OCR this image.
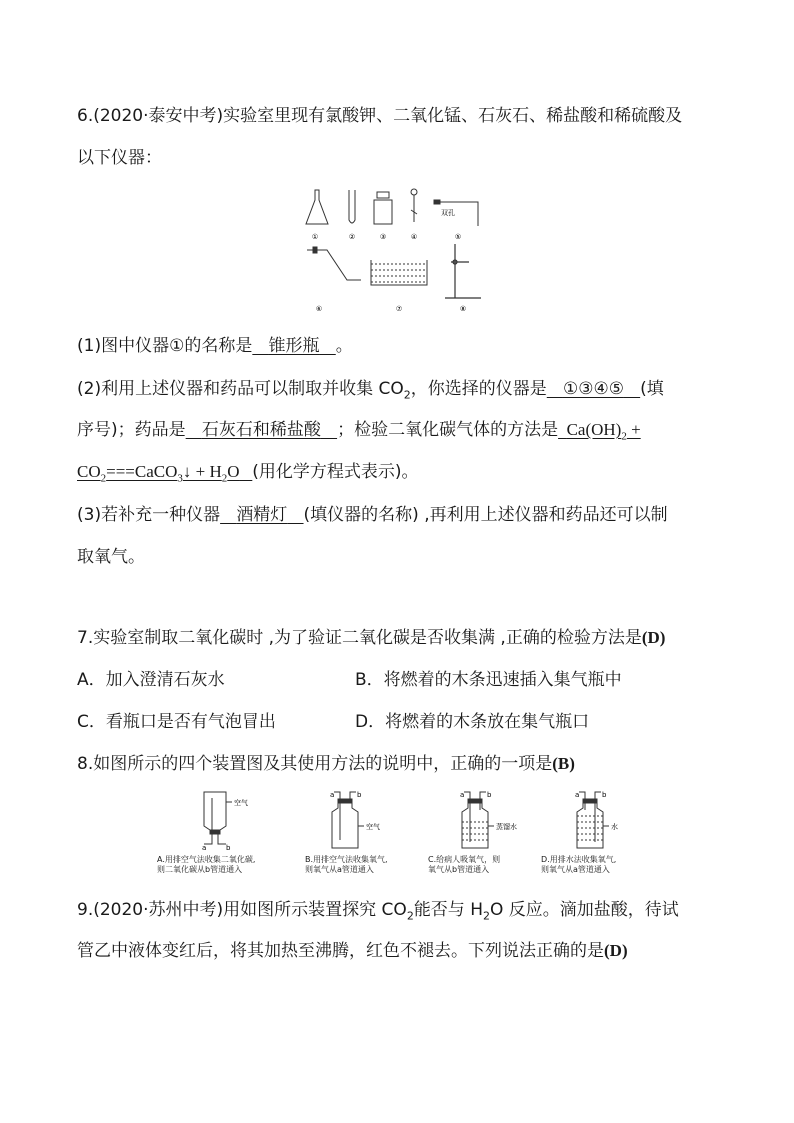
6.(2020·泰安中考)实验室里现有氯酸钾、二氧化锰、石灰石、稀盐酸和稀硫酸及
以下仪器：
①	②	③	④
双孔
⑤
⑥	⑦	⑧
(1)图中仪器①的名称是 锥形瓶 。
(2)利用上述仪器和药品可以制取并收集 $CO_2$，你选择的仪器是 ①③④⑤ (填
序号)；药品是 石灰石和稀盐酸 ；检验二氧化碳气体的方法是 $Ca(OH)_2$ +
$CO_2===CaCO_3↓ + H_2O$ (用化学方程式表示)。
(3)若补充一种仪器 酒精灯 (填仪器的名称) ,再利用上述仪器和药品还可以制
取氧气。
7.实验室制取二氧化碳时 ,为了验证二氧化碳是否收集满 ,正确的检验方法是(D)
A．加入澄清石灰水	B．将燃着的木条迅速插入集气瓶中
C．看瓶口是否有气泡冒出	D．将燃着的木条放在集气瓶口
8.如图所示的四个装置图及其使用方法的说明中，正确的一项是(B)
空气
a	b
A.用排空气法收集二氧化碳,
则二氧化碳从b管道通入
a	b
空气
B.用排空气法收集氧气,
则氧气从a管道通入
a	b
蒸馏水
C.给病人吸氧气，则
氧气从b管道通入
a	b
水
D.用排水法收集氧气,
则氧气从a管道通入
9.(2020·苏州中考)用如图所示装置探究 $CO_2$能否与 $H_2O$ 反应。滴加盐酸，待试
管乙中液体变红后，将其加热至沸腾，红色不褪去。下列说法正确的是(D)
